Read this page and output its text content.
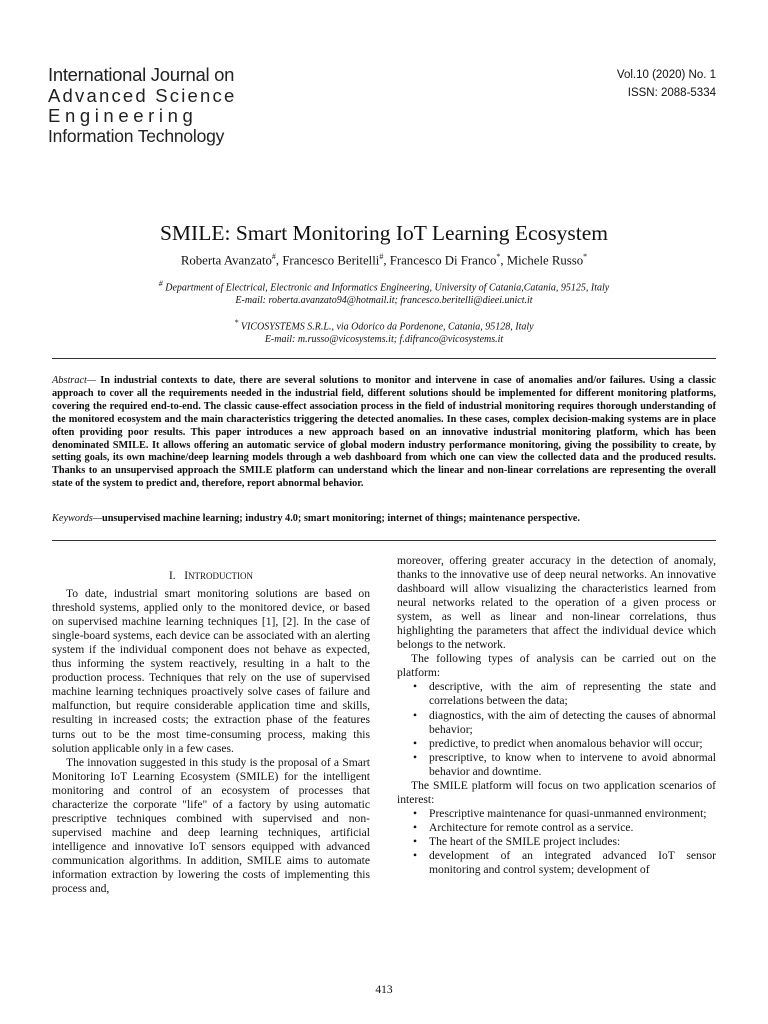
International Journal on
Advanced Science
Engineering
Information Technology
Vol.10 (2020) No. 1
ISSN: 2088-5334
SMILE: Smart Monitoring IoT Learning Ecosystem
Roberta Avanzato#, Francesco Beritelli#, Francesco Di Franco*, Michele Russo*
# Department of Electrical, Electronic and Informatics Engineering, University of Catania,Catania, 95125, Italy
E-mail: roberta.avanzato94@hotmail.it; francesco.beritelli@dieei.unict.it
* VICOSYSTEMS S.R.L., via Odorico da Pordenone, Catania, 95128, Italy
E-mail: m.russo@vicosystems.it; f.difranco@vicosystems.it
Abstract— In industrial contexts to date, there are several solutions to monitor and intervene in case of anomalies and/or failures. Using a classic approach to cover all the requirements needed in the industrial field, different solutions should be implemented for different monitoring platforms, covering the required end-to-end. The classic cause-effect association process in the field of industrial monitoring requires thorough understanding of the monitored ecosystem and the main characteristics triggering the detected anomalies. In these cases, complex decision-making systems are in place often providing poor results. This paper introduces a new approach based on an innovative industrial monitoring platform, which has been denominated SMILE. It allows offering an automatic service of global modern industry performance monitoring, giving the possibility to create, by setting goals, its own machine/deep learning models through a web dashboard from which one can view the collected data and the produced results. Thanks to an unsupervised approach the SMILE platform can understand which the linear and non-linear correlations are representing the overall state of the system to predict and, therefore, report abnormal behavior.
Keywords—unsupervised machine learning; industry 4.0; smart monitoring; internet of things; maintenance perspective.
I. INTRODUCTION

To date, industrial smart monitoring solutions are based on threshold systems, applied only to the monitored device, or based on supervised machine learning techniques [1], [2]. In the case of single-board systems, each device can be associated with an alerting system if the individual component does not behave as expected, thus informing the system reactively, resulting in a halt to the production process. Techniques that rely on the use of supervised machine learning techniques proactively solve cases of failure and malfunction, but require considerable application time and skills, resulting in increased costs; the extraction phase of the features turns out to be the most time-consuming process, making this solution applicable only in a few cases.

The innovation suggested in this study is the proposal of a Smart Monitoring IoT Learning Ecosystem (SMILE) for the intelligent monitoring and control of an ecosystem of processes that characterize the corporate "life" of a factory by using automatic prescriptive techniques combined with supervised and non-supervised machine and deep learning techniques, artificial intelligence and innovative IoT sensors equipped with advanced communication algorithms. In addition, SMILE aims to automate information extraction by lowering the costs of implementing this process and,

moreover, offering greater accuracy in the detection of anomaly, thanks to the innovative use of deep neural networks. An innovative dashboard will allow visualizing the characteristics learned from neural networks related to the operation of a given process or system, as well as linear and non-linear correlations, thus highlighting the parameters that affect the individual device which belongs to the network.

The following types of analysis can be carried out on the platform:

• descriptive, with the aim of representing the state and correlations between the data;
• diagnostics, with the aim of detecting the causes of abnormal behavior;
• predictive, to predict when anomalous behavior will occur;
• prescriptive, to know when to intervene to avoid abnormal behavior and downtime.

The SMILE platform will focus on two application scenarios of interest:

• Prescriptive maintenance for quasi-unmanned environment;
• Architecture for remote control as a service.
• The heart of the SMILE project includes:
• development of an integrated advanced IoT sensor monitoring and control system; development of
413
